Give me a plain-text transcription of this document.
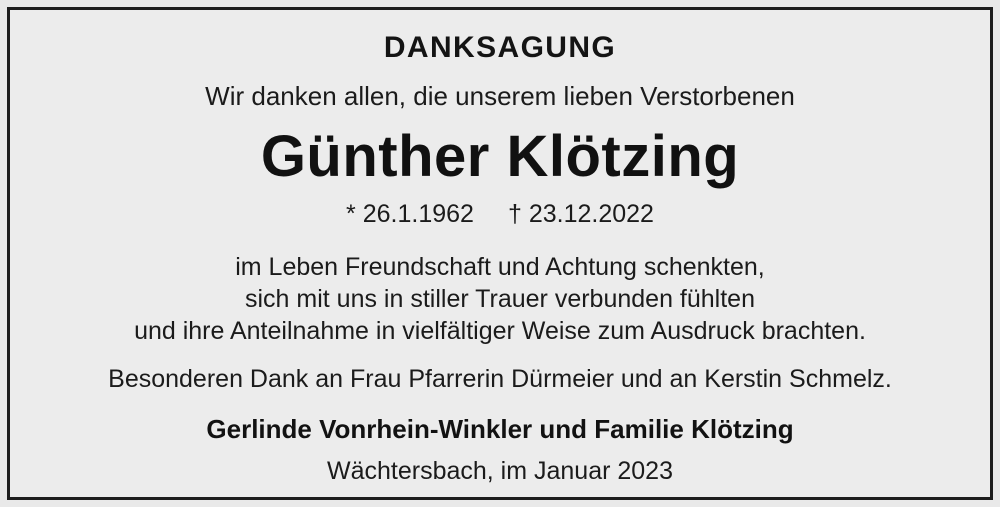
DANKSAGUNG
Wir danken allen, die unserem lieben Verstorbenen
Günther Klötzing
* 26.1.1962 † 23.12.2022
im Leben Freundschaft und Achtung schenkten,
sich mit uns in stiller Trauer verbunden fühlten
und ihre Anteilnahme in vielfältiger Weise zum Ausdruck brachten.
Besonderen Dank an Frau Pfarrerin Dürmeier und an Kerstin Schmelz.
Gerlinde Vonrhein-Winkler und Familie Klötzing
Wächtersbach, im Januar 2023
